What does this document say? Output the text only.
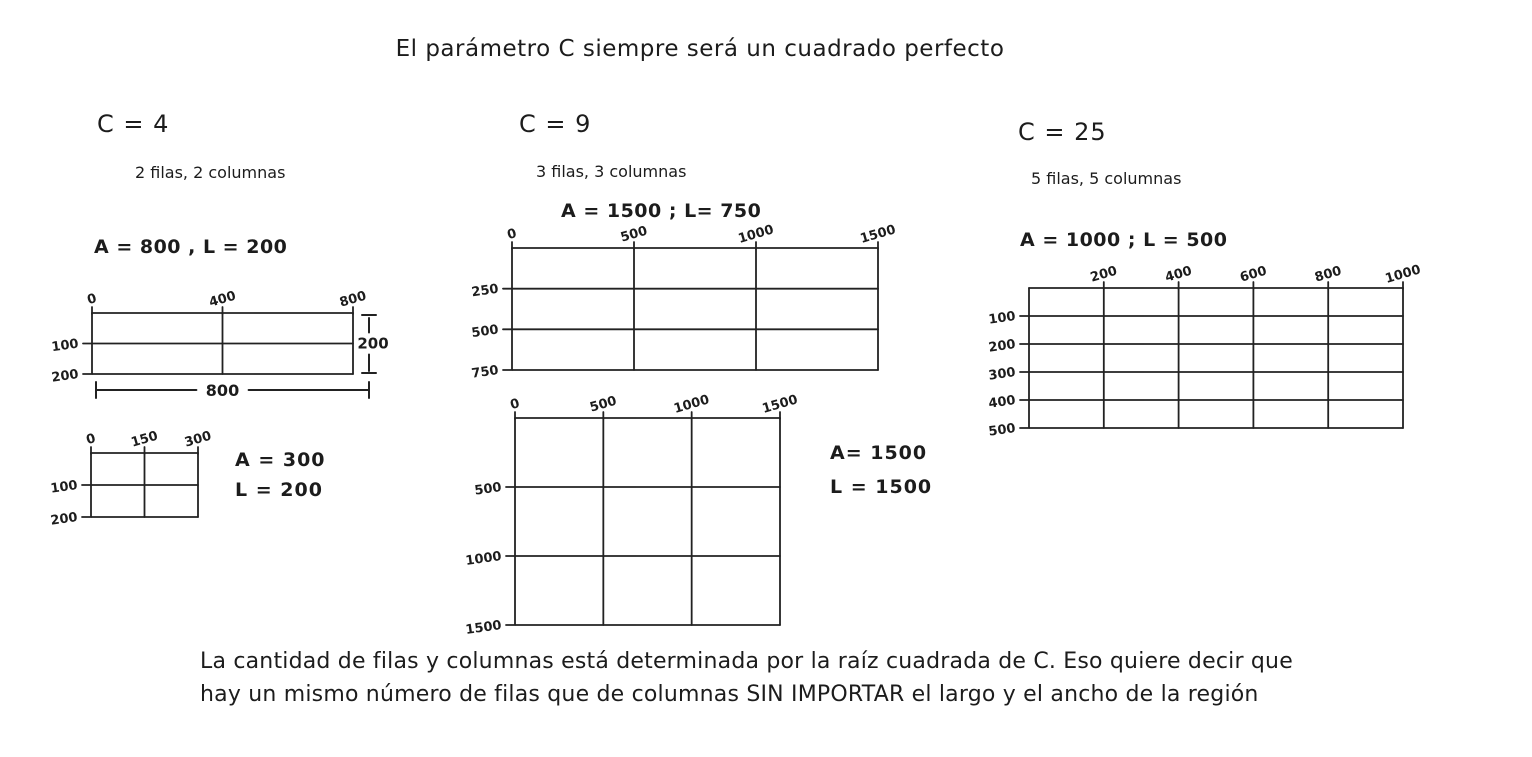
El parámetro C siempre será un cuadrado perfecto
C = 4
2 filas, 2 columnas
A = 800 , L = 200
0	400	800
100
200
200
800
0 150 300
100
200
A = 300
L = 200
C = 9
3 filas, 3 columnas
A = 1500 ; L= 750
0	500	1000	1500
250
500
750
0	500	1000	1500
500
1000
1500
A= 1500
L = 1500
C = 25
5 filas, 5 columnas
A = 1000 ; L = 500
200	400	600	800	1000
100
200
300
400
500
La cantidad de filas y columnas está determinada por la raíz cuadrada de C. Eso quiere decir que
hay un mismo número de filas que de columnas SIN IMPORTAR el largo y el ancho de la región
